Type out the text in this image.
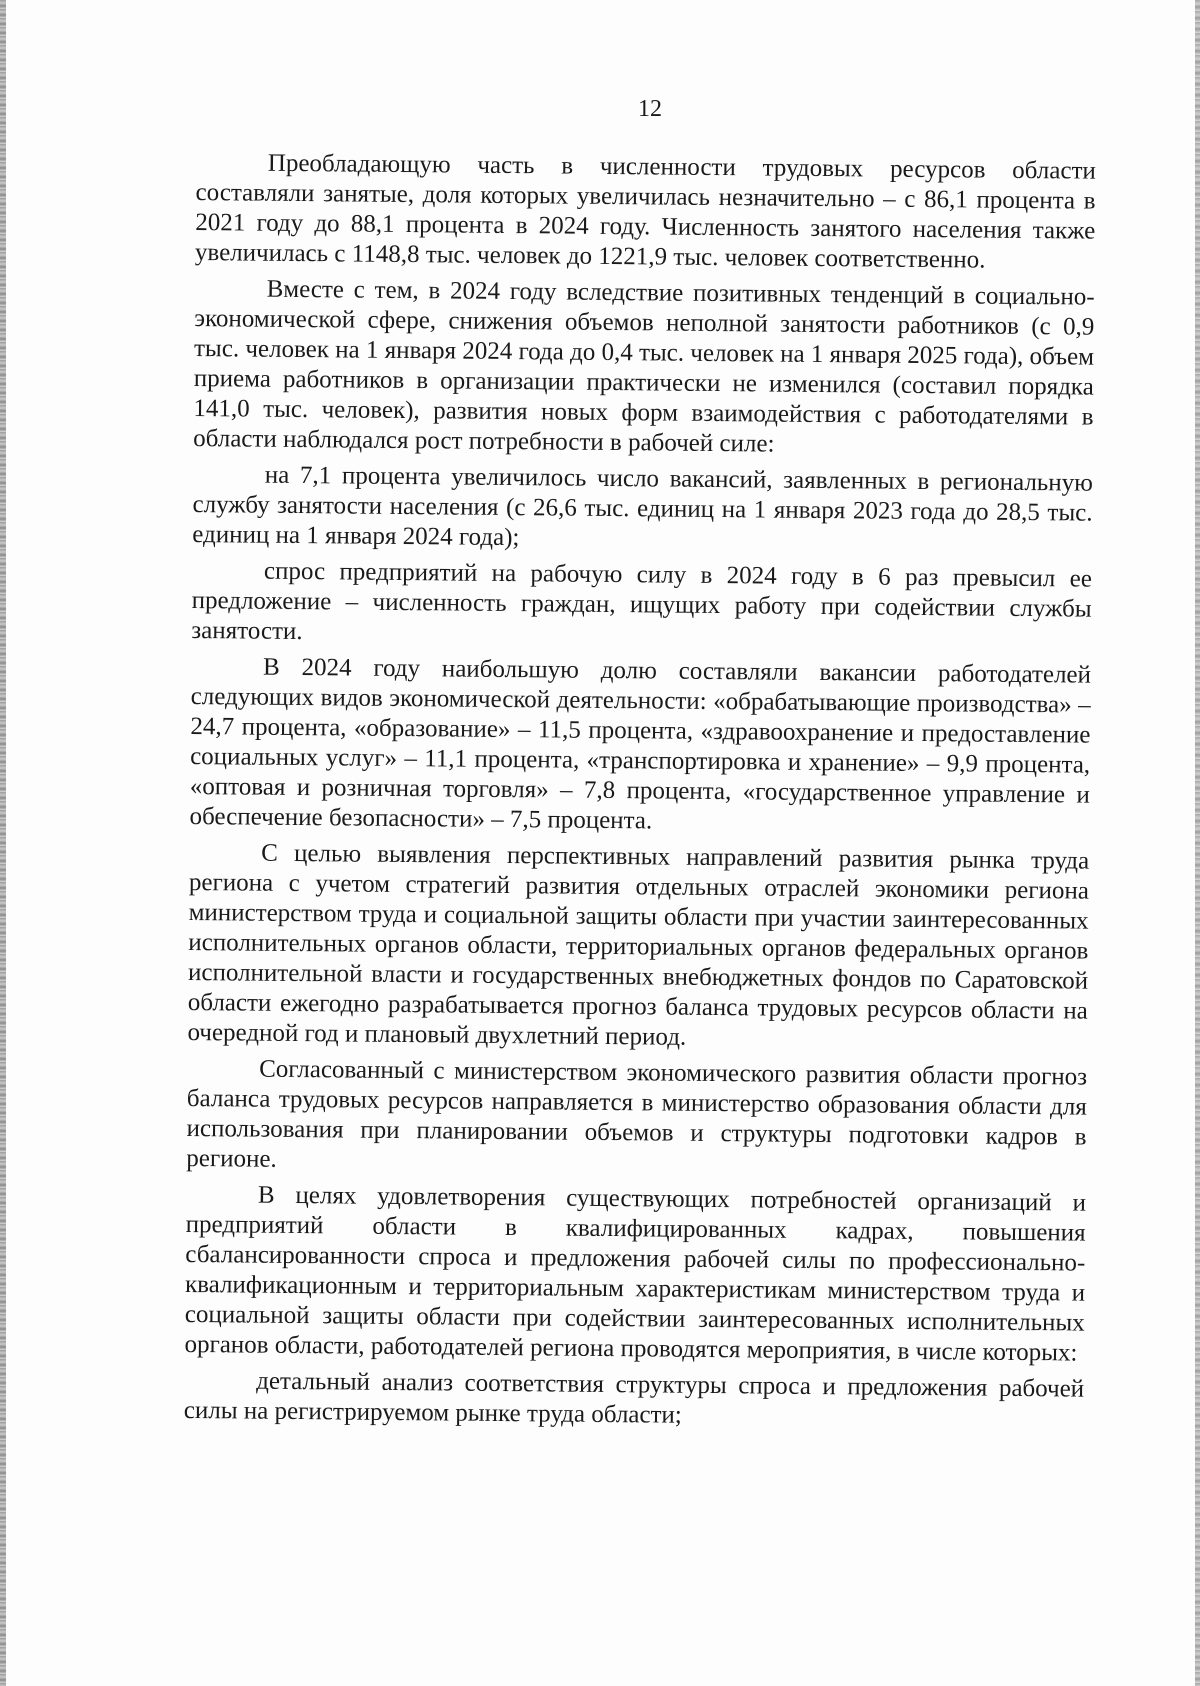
12

Преобладающую часть в численности трудовых ресурсов области составляли занятые, доля которых увеличилась незначительно – с 86,1 процента в 2021 году до 88,1 процента в 2024 году. Численность занятого населения также увеличилась с 1148,8 тыс. человек до 1221,9 тыс. человек соответственно.

Вместе с тем, в 2024 году вследствие позитивных тенденций в социально-экономической сфере, снижения объемов неполной занятости работников (с 0,9 тыс. человек на 1 января 2024 года до 0,4 тыс. человек на 1 января 2025 года), объем приема работников в организации практически не изменился (составил порядка 141,0 тыс. человек), развития новых форм взаимодействия с работодателями в области наблюдался рост потребности в рабочей силе:

на 7,1 процента увеличилось число вакансий, заявленных в региональную службу занятости населения (с 26,6 тыс. единиц на 1 января 2023 года до 28,5 тыс. единиц на 1 января 2024 года);

спрос предприятий на рабочую силу в 2024 году в 6 раз превысил ее предложение – численность граждан, ищущих работу при содействии службы занятости.

В 2024 году наибольшую долю составляли вакансии работодателей следующих видов экономической деятельности: «обрабатывающие производства» – 24,7 процента, «образование» – 11,5 процента, «здравоохранение и предоставление социальных услуг» – 11,1 процента, «транспортировка и хранение» – 9,9 процента, «оптовая и розничная торговля» – 7,8 процента, «государственное управление и обеспечение безопасности» – 7,5 процента.

С целью выявления перспективных направлений развития рынка труда региона с учетом стратегий развития отдельных отраслей экономики региона министерством труда и социальной защиты области при участии заинтересованных исполнительных органов области, территориальных органов федеральных органов исполнительной власти и государственных внебюджетных фондов по Саратовской области ежегодно разрабатывается прогноз баланса трудовых ресурсов области на очередной год и плановый двухлетний период.

Согласованный с министерством экономического развития области прогноз баланса трудовых ресурсов направляется в министерство образования области для использования при планировании объемов и структуры подготовки кадров в регионе.

В целях удовлетворения существующих потребностей организаций и предприятий области в квалифицированных кадрах, повышения сбалансированности спроса и предложения рабочей силы по профессионально-квалификационным и территориальным характеристикам министерством труда и социальной защиты области при содействии заинтересованных исполнительных органов области, работодателей региона проводятся мероприятия, в числе которых:

детальный анализ соответствия структуры спроса и предложения рабочей силы на регистрируемом рынке труда области;
